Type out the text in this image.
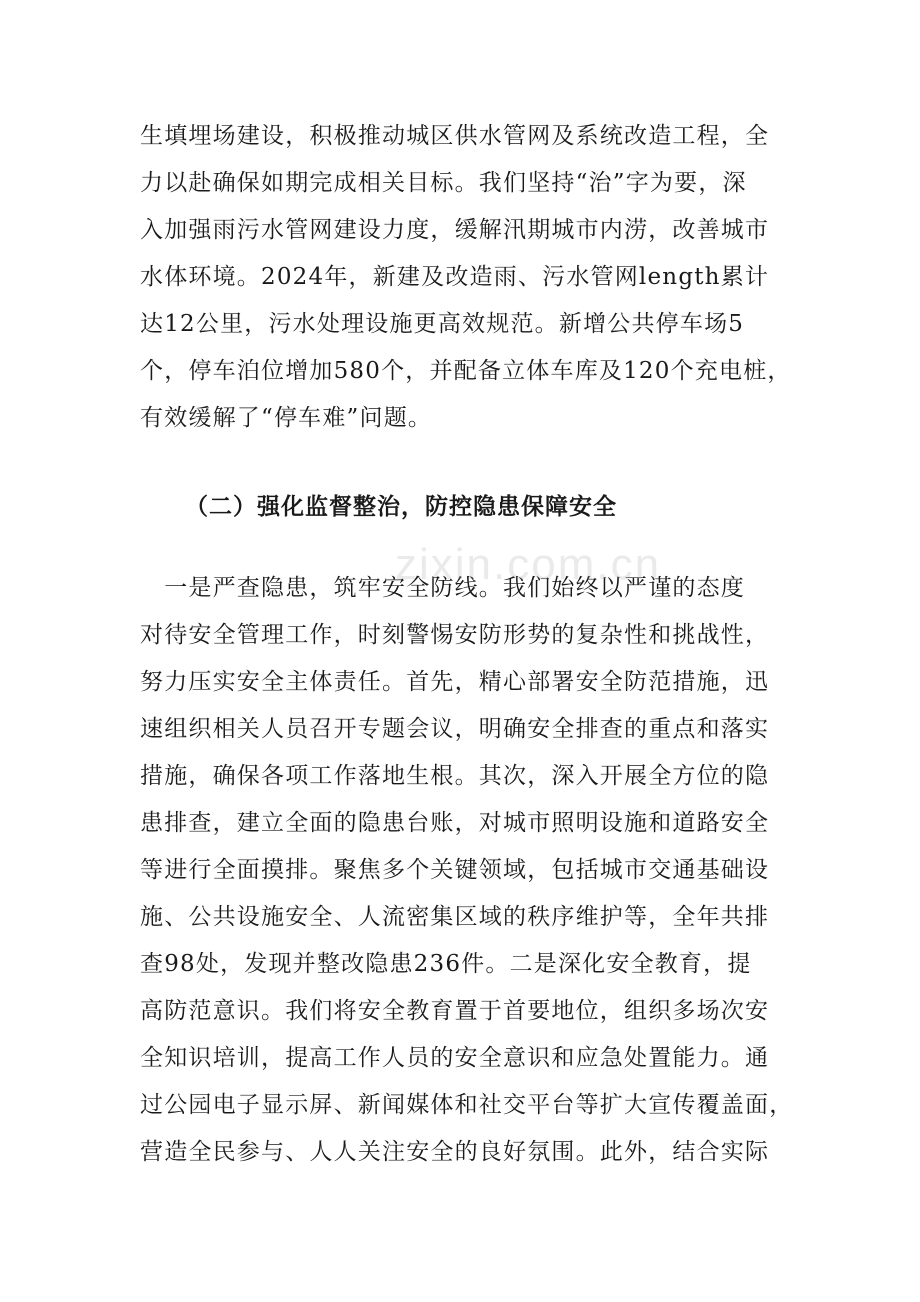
生填埋场建设，积极推动城区供水管网及系统改造工程，全
力以赴确保如期完成相关目标。我们坚持“治”字为要，深
入加强雨污水管网建设力度，缓解汛期城市内涝，改善城市
水体环境。2024年，新建及改造雨、污水管网length累计
达12公里，污水处理设施更高效规范。新增公共停车场5
个，停车泊位增加580个，并配备立体车库及120个充电桩，
有效缓解了“停车难”问题。
（二）强化监督整治，防控隐患保障安全
　一是严查隐患，筑牢安全防线。我们始终以严谨的态度
对待安全管理工作，时刻警惕安防形势的复杂性和挑战性，
努力压实安全主体责任。首先，精心部署安全防范措施，迅
速组织相关人员召开专题会议，明确安全排查的重点和落实
措施，确保各项工作落地生根。其次，深入开展全方位的隐
患排查，建立全面的隐患台账，对城市照明设施和道路安全
等进行全面摸排。聚焦多个关键领域，包括城市交通基础设
施、公共设施安全、人流密集区域的秩序维护等，全年共排
查98处，发现并整改隐患236件。二是深化安全教育，提
高防范意识。我们将安全教育置于首要地位，组织多场次安
全知识培训，提高工作人员的安全意识和应急处置能力。通
过公园电子显示屏、新闻媒体和社交平台等扩大宣传覆盖面，
营造全民参与、人人关注安全的良好氛围。此外，结合实际
zixin.com.cn
